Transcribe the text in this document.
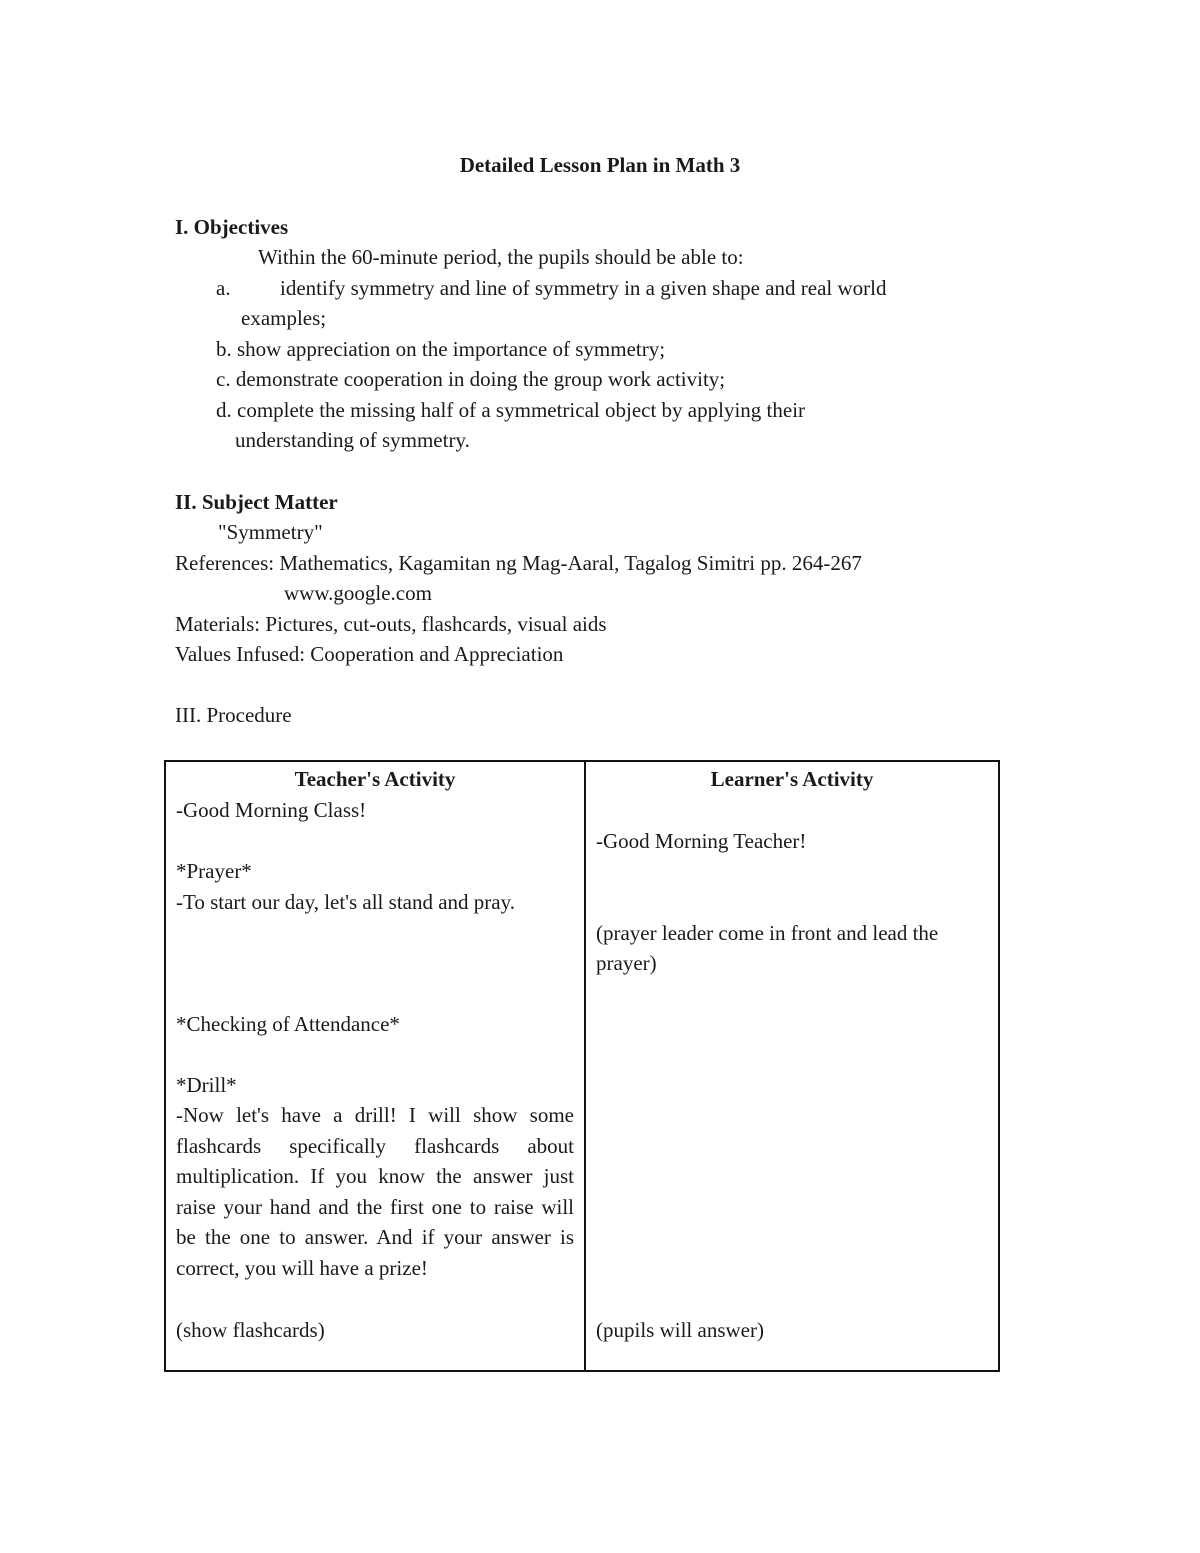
Detailed Lesson Plan in Math 3
I. Objectives
Within the 60-minute period, the pupils should be able to:
a. identify symmetry and line of symmetry in a given shape and real world
examples;
b. show appreciation on the importance of symmetry;
c. demonstrate cooperation in doing the group work activity;
d. complete the missing half of a symmetrical object by applying their
understanding of symmetry.
II. Subject Matter
"Symmetry"
References: Mathematics, Kagamitan ng Mag-Aaral, Tagalog Simitri pp. 264-267
www.google.com
Materials: Pictures, cut-outs, flashcards, visual aids
Values Infused: Cooperation and Appreciation
III. Procedure
Teacher's Activity	Learner's Activity
-Good Morning Class!
*Prayer*
-To start our day, let's all stand and pray.
*Checking of Attendance*
*Drill*
-Now let's have a drill! I will show some flashcards specifically flashcards about multiplication. If you know the answer just raise your hand and the first one to raise will be the one to answer. And if your answer is correct, you will have a prize!
(show flashcards)
-Good Morning Teacher!
(prayer leader come in front and lead the
prayer)
(pupils will answer)
